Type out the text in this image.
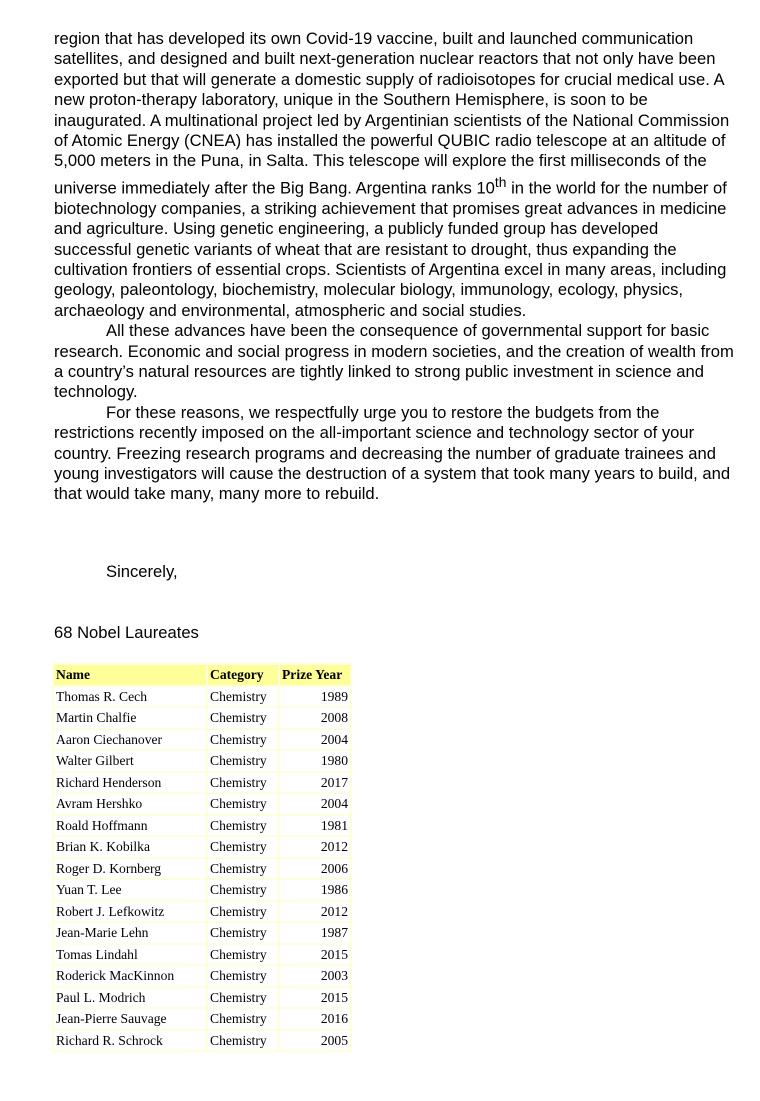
region that has developed its own Covid-19 vaccine, built and launched communication satellites, and designed and built next-generation nuclear reactors that not only have been exported but that will generate a domestic supply of radioisotopes for crucial medical use. A new proton-therapy laboratory, unique in the Southern Hemisphere, is soon to be inaugurated. A multinational project led by Argentinian scientists of the National Commission of Atomic Energy (CNEA) has installed the powerful QUBIC radio telescope at an altitude of 5,000 meters in the Puna, in Salta. This telescope will explore the first milliseconds of the universe immediately after the Big Bang. Argentina ranks 10th in the world for the number of biotechnology companies, a striking achievement that promises great advances in medicine and agriculture. Using genetic engineering, a publicly funded group has developed successful genetic variants of wheat that are resistant to drought, thus expanding the cultivation frontiers of essential crops. Scientists of Argentina excel in many areas, including geology, paleontology, biochemistry, molecular biology, immunology, ecology, physics, archaeology and environmental, atmospheric and social studies.

All these advances have been the consequence of governmental support for basic research. Economic and social progress in modern societies, and the creation of wealth from a country’s natural resources are tightly linked to strong public investment in science and technology.

For these reasons, we respectfully urge you to restore the budgets from the restrictions recently imposed on the all-important science and technology sector of your country. Freezing research programs and decreasing the number of graduate trainees and young investigators will cause the destruction of a system that took many years to build, and that would take many, many more to rebuild.

Sincerely,
68 Nobel Laureates
Name	Category	Prize Year
Thomas R. Cech	Chemistry	1989
Martin Chalfie	Chemistry	2008
Aaron Ciechanover	Chemistry	2004
Walter Gilbert	Chemistry	1980
Richard Henderson	Chemistry	2017
Avram Hershko	Chemistry	2004
Roald Hoffmann	Chemistry	1981
Brian K. Kobilka	Chemistry	2012
Roger D. Kornberg	Chemistry	2006
Yuan T. Lee	Chemistry	1986
Robert J. Lefkowitz	Chemistry	2012
Jean-Marie Lehn	Chemistry	1987
Tomas Lindahl	Chemistry	2015
Roderick MacKinnon	Chemistry	2003
Paul L. Modrich	Chemistry	2015
Jean-Pierre Sauvage	Chemistry	2016
Richard R. Schrock	Chemistry	2005
